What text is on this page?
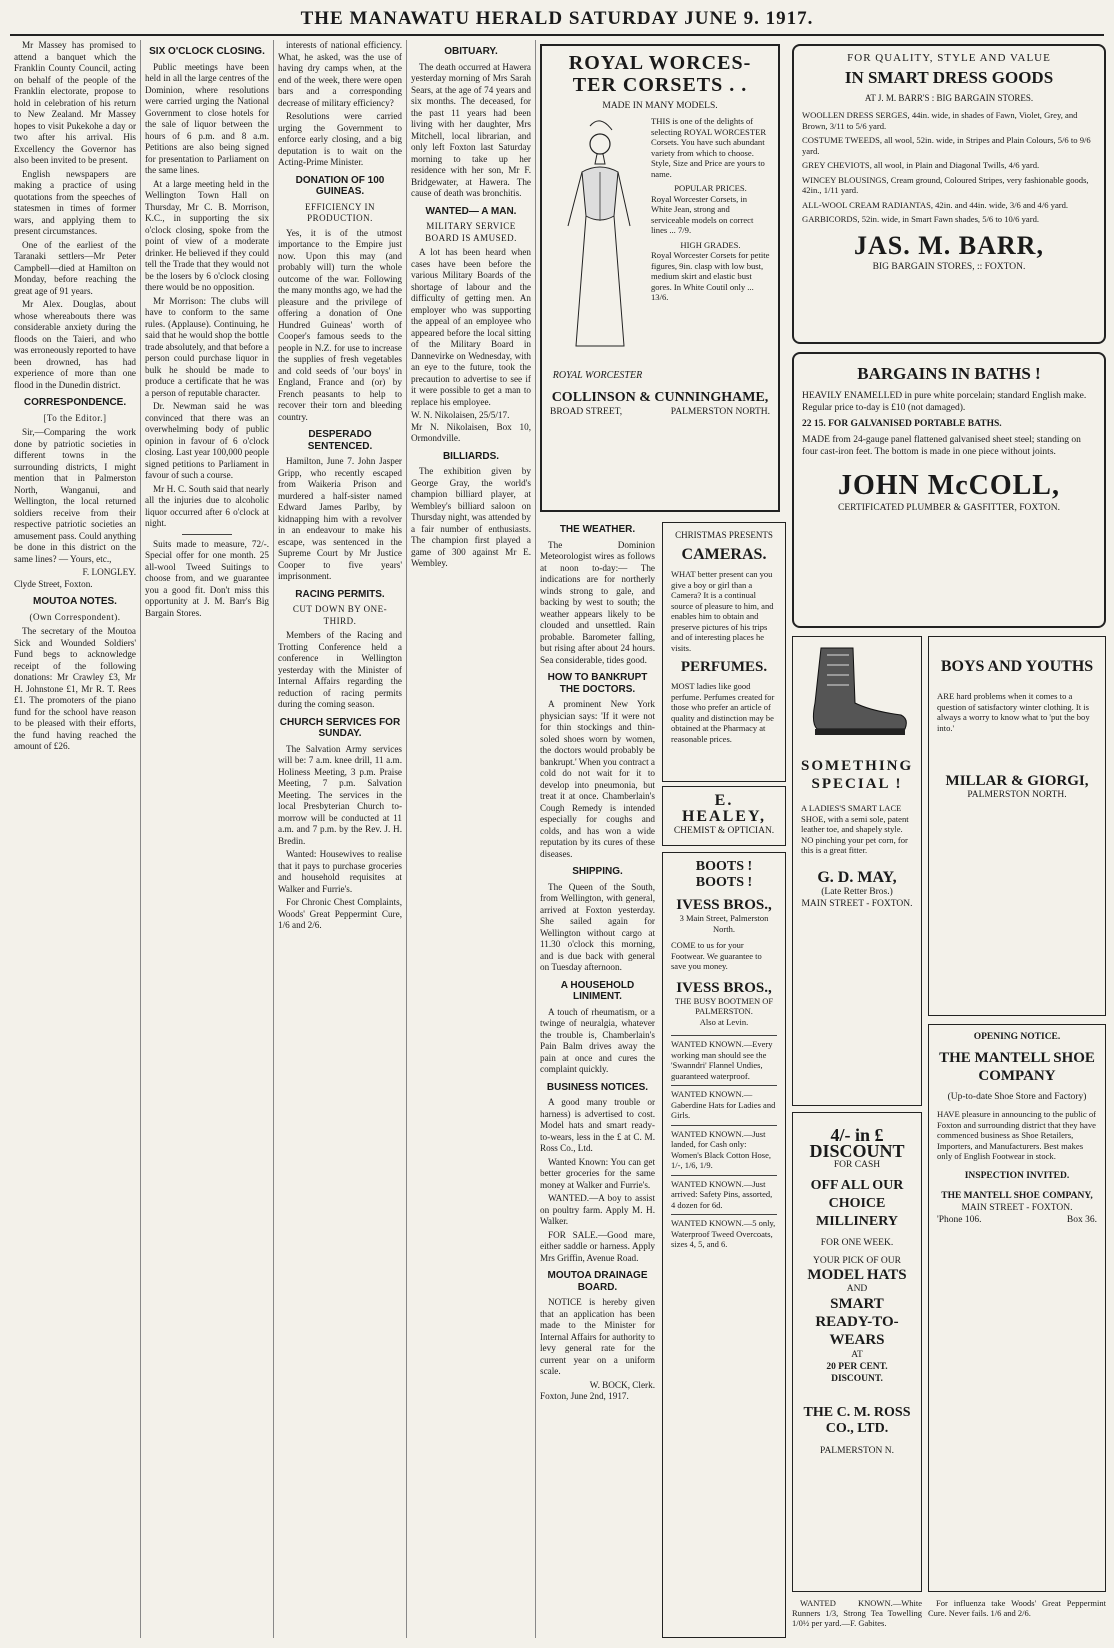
THE MANAWATU HERALD SATURDAY JUNE 9. 1917.

Mr Massey has promised to attend a banquet which the Franklin County Council, acting on behalf of the people of the Franklin electorate, propose to hold in celebration of his return to New Zealand. Mr Massey hopes to visit Pukekohe a day or two after his arrival. His Excellency the Governor has also been invited to be present.

English newspapers are making a practice of using quotations from the speeches of statesmen in times of former wars, and applying them to present circumstances.

One of the earliest of the Taranaki settlers—Mr Peter Campbell—died at Hamilton on Monday, before reaching the great age of 91 years.

Mr Alex. Douglas, about whose whereabouts there was considerable anxiety during the floods on the Taieri, and who was erroneously reported to have been drowned, has had experience of more than one flood in the Dunedin district.

CORRESPONDENCE.
[To the Editor.]

Sir,—Comparing the work done by patriotic societies in different towns in the surrounding districts, I might mention that in Palmerston North, Wanganui, and Wellington, the local returned soldiers receive from their respective patriotic societies an amusement pass. Could anything be done in this district on the same lines? — Yours, etc.,

F. LONGLEY.
Clyde Street, Foxton.
MOUTOA NOTES.
(Own Correspondent).

The secretary of the Moutoa Sick and Wounded Soldiers' Fund begs to acknowledge receipt of the following donations: Mr Crawley £3, Mr H. Johnstone £1, Mr R. T. Rees £1. The promoters of the piano fund for the school have reason to be pleased with their efforts, the fund having reached the amount of £26.

SIX O'CLOCK CLOSING.

Public meetings have been held in all the large centres of the Dominion, where resolutions were carried urging the National Government to close hotels for the sale of liquor between the hours of 6 p.m. and 8 a.m. Petitions are also being signed for presentation to Parliament on the same lines.

At a large meeting held in the Wellington Town Hall on Thursday, Mr C. B. Morrison, K.C., in supporting the six o'clock closing, spoke from the point of view of a moderate drinker. He believed if they could tell the Trade that they would not be the losers by 6 o'clock closing there would be no opposition.

Mr Morrison: The clubs will have to conform to the same rules. (Applause). Continuing, he said that he would shop the bottle trade absolutely, and that before a person could purchase liquor in bulk he should be made to produce a certificate that he was a person of reputable character.

Dr. Newman said he was convinced that there was an overwhelming body of public opinion in favour of 6 o'clock closing. Last year 100,000 people signed petitions to Parliament in favour of such a course.

Mr H. C. South said that nearly all the injuries due to alcoholic liquor occurred after 6 o'clock at night.

Suits made to measure, 72/-. Special offer for one month. 25 all-wool Tweed Suitings to choose from, and we guarantee you a good fit. Don't miss this opportunity at J. M. Barr's Big Bargain Stores.

interests of national efficiency. What, he asked, was the use of having dry camps when, at the end of the week, there were open bars and a corresponding decrease of military efficiency?

Resolutions were carried urging the Government to enforce early closing, and a big deputation is to wait on the Acting-Prime Minister.

DONATION OF 100 GUINEAS.
EFFICIENCY IN PRODUCTION.

Yes, it is of the utmost importance to the Empire just now. Upon this may (and probably will) turn the whole outcome of the war. Following the many months ago, we had the pleasure and the privilege of offering a donation of One Hundred Guineas' worth of Cooper's famous seeds to the people in N.Z. for use to increase the supplies of fresh vegetables and cold seeds of 'our boys' in England, France and (or) by French peasants to help to recover their torn and bleeding country.

DESPERADO SENTENCED.

Hamilton, June 7. John Jasper Gripp, who recently escaped from Waikeria Prison and murdered a half-sister named Edward James Parlby, by kidnapping him with a revolver in an endeavour to make his escape, was sentenced in the Supreme Court by Mr Justice Cooper to five years' imprisonment.

RACING PERMITS.
CUT DOWN BY ONE-THIRD.

Members of the Racing and Trotting Conference held a conference in Wellington yesterday with the Minister of Internal Affairs regarding the reduction of racing permits during the coming season.

CHURCH SERVICES FOR SUNDAY.

The Salvation Army services will be: 7 a.m. knee drill, 11 a.m. Holiness Meeting, 3 p.m. Praise Meeting, 7 p.m. Salvation Meeting. The services in the local Presbyterian Church to-morrow will be conducted at 11 a.m. and 7 p.m. by the Rev. J. H. Bredin.

Wanted: Housewives to realise that it pays to purchase groceries and household requisites at Walker and Furrie's.

For Chronic Chest Complaints, Woods' Great Peppermint Cure, 1/6 and 2/6.

OBITUARY.

The death occurred at Hawera yesterday morning of Mrs Sarah Sears, at the age of 74 years and six months. The deceased, for the past 11 years had been living with her daughter, Mrs Mitchell, local librarian, and only left Foxton last Saturday morning to take up her residence with her son, Mr F. Bridgewater, at Hawera. The cause of death was bronchitis.

WANTED— A MAN.
MILITARY SERVICE BOARD IS AMUSED.

A lot has been heard when cases have been before the various Military Boards of the shortage of labour and the difficulty of getting men. An employer who was supporting the appeal of an employee who appeared before the local sitting of the Military Board in Dannevirke on Wednesday, with an eye to the future, took the precaution to advertise to see if it were possible to get a man to replace his employee.

W. N. Nikolaisen, 25/5/17.
Mr N. Nikolaisen, Box 10, Ormondville.
BILLIARDS.

The exhibition given by George Gray, the world's champion billiard player, at Wembley's billiard saloon on Thursday night, was attended by a fair number of enthusiasts. The champion first played a game of 300 against Mr E. Wembley.

ROYAL WORCES-TER CORSETS . .
MADE IN MANY MODELS.
ROYAL WORCESTER

THIS is one of the delights of selecting ROYAL WORCESTER Corsets. You have such abundant variety from which to choose. Style, Size and Price are yours to name.

POPULAR PRICES.

Royal Worcester Corsets, in White Jean, strong and serviceable models on correct lines ... 7/9.

HIGH GRADES.

Royal Worcester Corsets for petite figures, 9in. clasp with low bust, medium skirt and elastic bust gores. In White Coutil only ... 13/6.

COLLINSON & CUNNINGHAME,
BROAD STREET,	PALMERSTON NORTH.
THE WEATHER.

The Dominion Meteorologist wires as follows at noon to-day:— The indications are for northerly winds strong to gale, and backing by west to south; the weather appears likely to be clouded and unsettled. Rain probable. Barometer falling, but rising after about 24 hours. Sea considerable, tides good.

HOW TO BANKRUPT THE DOCTORS.

A prominent New York physician says: 'If it were not for thin stockings and thin-soled shoes worn by women, the doctors would probably be bankrupt.' When you contract a cold do not wait for it to develop into pneumonia, but treat it at once. Chamberlain's Cough Remedy is intended especially for coughs and colds, and has won a wide reputation by its cures of these diseases.

SHIPPING.

The Queen of the South, from Wellington, with general, arrived at Foxton yesterday. She sailed again for Wellington without cargo at 11.30 o'clock this morning, and is due back with general on Tuesday afternoon.

A HOUSEHOLD LINIMENT.

A touch of rheumatism, or a twinge of neuralgia, whatever the trouble is, Chamberlain's Pain Balm drives away the pain at once and cures the complaint quickly.

BUSINESS NOTICES.

A good many trouble or harness) is advertised to cost. Model hats and smart ready-to-wears, less in the £ at C. M. Ross Co., Ltd.

Wanted Known: You can get better groceries for the same money at Walker and Furrie's.

WANTED.—A boy to assist on poultry farm. Apply M. H. Walker.

FOR SALE.—Good mare, either saddle or harness. Apply Mrs Griffin, Avenue Road.

MOUTOA DRAINAGE BOARD.

NOTICE is hereby given that an application has been made to the Minister for Internal Affairs for authority to levy general rate for the current year on a uniform scale.

W. BOCK, Clerk.
Foxton, June 2nd, 1917.
CHRISTMAS PRESENTS
CAMERAS.

WHAT better present can you give a boy or girl than a Camera? It is a continual source of pleasure to him, and enables him to obtain and preserve pictures of his trips and of interesting places he visits.

PERFUMES.

MOST ladies like good perfume. Perfumes created for those who prefer an article of quality and distinction may be obtained at the Pharmacy at reasonable prices.

E. HEALEY,
CHEMIST & OPTICIAN.
BOOTS ! BOOTS !
IVESS BROS.,
3 Main Street, Palmerston North.

COME to us for your Footwear. We guarantee to save you money.

IVESS BROS.,
THE BUSY BOOTMEN OF PALMERSTON.
Also at Levin.

WANTED KNOWN.—Every working man should see the 'Swanndri' Flannel Undies, guaranteed waterproof.

WANTED KNOWN.— Gaberdine Hats for Ladies and Girls.

WANTED KNOWN.—Just landed, for Cash only: Women's Black Cotton Hose, 1/-, 1/6, 1/9.

WANTED KNOWN.—Just arrived: Safety Pins, assorted, 4 dozen for 6d.

WANTED KNOWN.—5 only, Waterproof Tweed Overcoats, sizes 4, 5, and 6.

FOR QUALITY, STYLE AND VALUE
IN SMART DRESS GOODS
AT J. M. BARR'S : BIG BARGAIN STORES.

WOOLLEN DRESS SERGES, 44in. wide, in shades of Fawn, Violet, Grey, and Brown, 3/11 to 5/6 yard.

COSTUME TWEEDS, all wool, 52in. wide, in Stripes and Plain Colours, 5/6 to 9/6 yard.

GREY CHEVIOTS, all wool, in Plain and Diagonal Twills, 4/6 yard.

WINCEY BLOUSINGS, Cream ground, Coloured Stripes, very fashionable goods, 42in., 1/11 yard.

ALL-WOOL CREAM RADIANTAS, 42in. and 44in. wide, 3/6 and 4/6 yard.

GARBICORDS, 52in. wide, in Smart Fawn shades, 5/6 to 10/6 yard.

JAS. M. BARR,
BIG BARGAIN STORES, :: FOXTON.
BARGAINS IN BATHS !

HEAVILY ENAMELLED in pure white porcelain; standard English make. Regular price to-day is £10 (not damaged).

22 15. FOR GALVANISED PORTABLE BATHS.

MADE from 24-gauge panel flattened galvanised sheet steel; standing on four cast-iron feet. The bottom is made in one piece without joints.

JOHN McCOLL,
CERTIFICATED PLUMBER & GASFITTER, FOXTON.
SOMETHING SPECIAL !

A LADIES'S SMART LACE SHOE, with a semi sole, patent leather toe, and shapely style. NO pinching your pet corn, for this is a great fitter.

G. D. MAY,
(Late Retter Bros.)
MAIN STREET - FOXTON.
BOYS AND YOUTHS

ARE hard problems when it comes to a question of satisfactory winter clothing. It is always a worry to know what to 'put the boy into.'

MILLAR & GIORGI,
PALMERSTON NORTH.
4/- in £ DISCOUNT
FOR CASH
OFF ALL OUR CHOICE MILLINERY
FOR ONE WEEK.
YOUR PICK OF OUR
MODEL HATS
AND
SMART READY-TO-WEARS
AT
20 PER CENT. DISCOUNT.
THE C. M. ROSS CO., LTD.
PALMERSTON N.
OPENING NOTICE.
THE MANTELL SHOE COMPANY
(Up-to-date Shoe Store and Factory)

HAVE pleasure in announcing to the public of Foxton and surrounding district that they have commenced business as Shoe Retailers, Importers, and Manufacturers. Best makes only of English Footwear in stock.

INSPECTION INVITED.
THE MANTELL SHOE COMPANY,
MAIN STREET - FOXTON.
'Phone 106.	Box 36.

WANTED KNOWN.—White Runners 1/3, Strong Tea Towelling 1/0½ per yard.—F. Gabites.

For influenza take Woods' Great Peppermint Cure. Never fails. 1/6 and 2/6.
